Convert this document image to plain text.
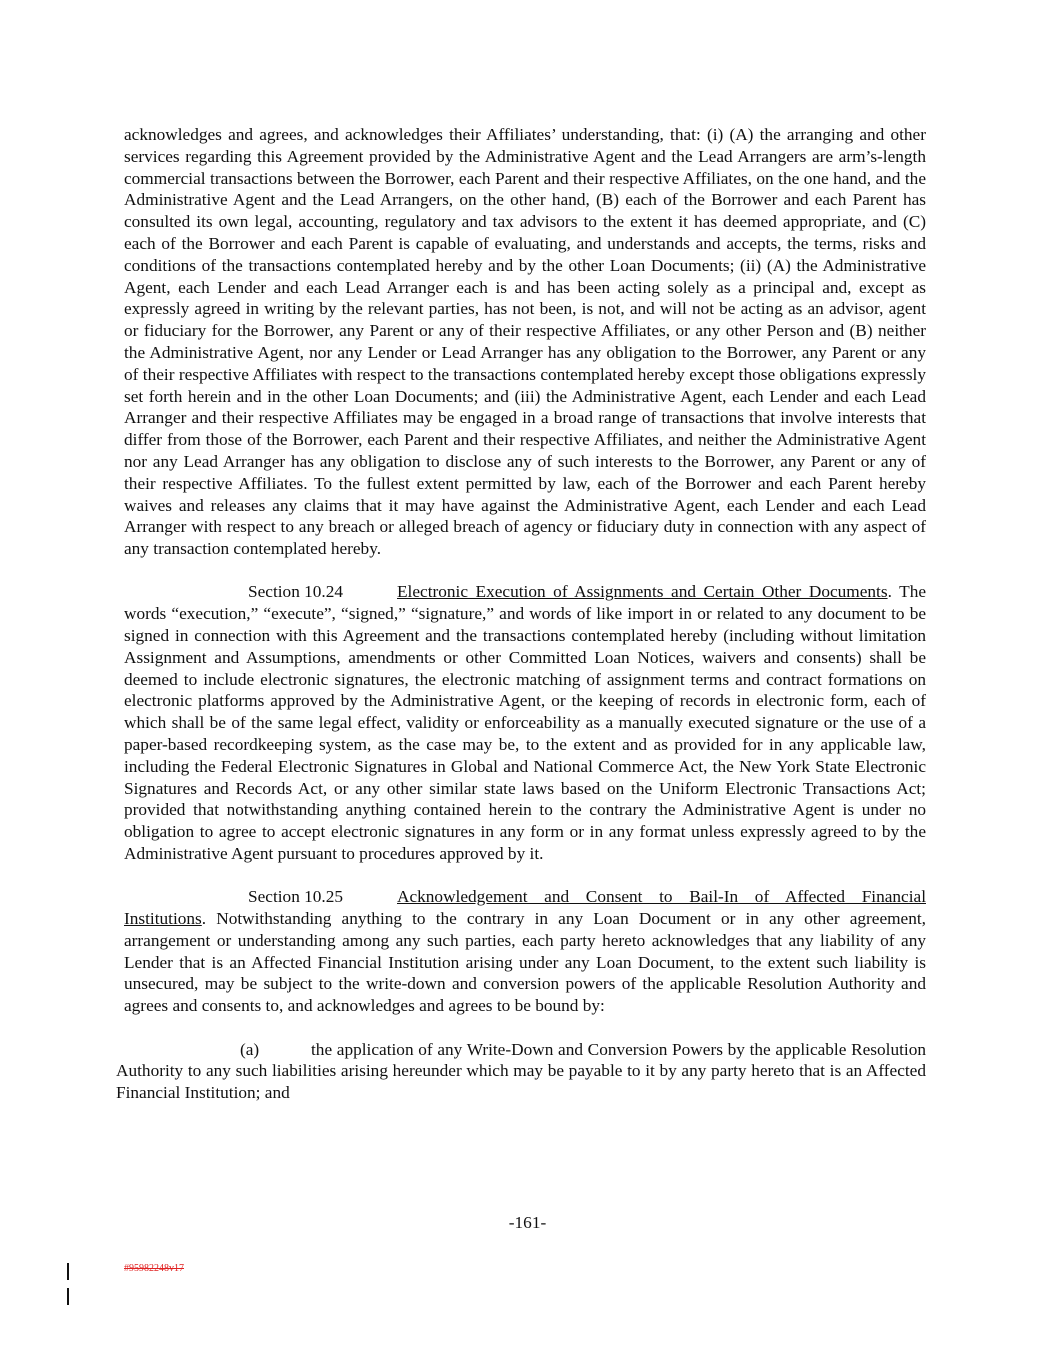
acknowledges and agrees, and acknowledges their Affiliates’ understanding, that: (i) (A) the arranging and other services regarding this Agreement provided by the Administrative Agent and the Lead Arrangers are arm’s-length commercial transactions between the Borrower, each Parent and their respective Affiliates, on the one hand, and the Administrative Agent and the Lead Arrangers, on the other hand, (B) each of the Borrower and each Parent has consulted its own legal, accounting, regulatory and tax advisors to the extent it has deemed appropriate, and (C) each of the Borrower and each Parent is capable of evaluating, and understands and accepts, the terms, risks and conditions of the transactions contemplated hereby and by the other Loan Documents; (ii) (A) the Administrative Agent, each Lender and each Lead Arranger each is and has been acting solely as a principal and, except as expressly agreed in writing by the relevant parties, has not been, is not, and will not be acting as an advisor, agent or fiduciary for the Borrower, any Parent or any of their respective Affiliates, or any other Person and (B) neither the Administrative Agent, nor any Lender or Lead Arranger has any obligation to the Borrower, any Parent or any of their respective Affiliates with respect to the transactions contemplated hereby except those obligations expressly set forth herein and in the other Loan Documents; and (iii) the Administrative Agent, each Lender and each Lead Arranger and their respective Affiliates may be engaged in a broad range of transactions that involve interests that differ from those of the Borrower, each Parent and their respective Affiliates, and neither the Administrative Agent nor any Lead Arranger has any obligation to disclose any of such interests to the Borrower, any Parent or any of their respective Affiliates. To the fullest extent permitted by law, each of the Borrower and each Parent hereby waives and releases any claims that it may have against the Administrative Agent, each Lender and each Lead Arranger with respect to any breach or alleged breach of agency or fiduciary duty in connection with any aspect of any transaction contemplated hereby.

Section 10.24	Electronic Execution of Assignments and Certain Other Documents. The words “execution,” “execute”, “signed,” “signature,” and words of like import in or related to any document to be signed in connection with this Agreement and the transactions contemplated hereby (including without limitation Assignment and Assumptions, amendments or other Committed Loan Notices, waivers and consents) shall be deemed to include electronic signatures, the electronic matching of assignment terms and contract formations on electronic platforms approved by the Administrative Agent, or the keeping of records in electronic form, each of which shall be of the same legal effect, validity or enforceability as a manually executed signature or the use of a paper-based recordkeeping system, as the case may be, to the extent and as provided for in any applicable law, including the Federal Electronic Signatures in Global and National Commerce Act, the New York State Electronic Signatures and Records Act, or any other similar state laws based on the Uniform Electronic Transactions Act; provided that notwithstanding anything contained herein to the contrary the Administrative Agent is under no obligation to agree to accept electronic signatures in any form or in any format unless expressly agreed to by the Administrative Agent pursuant to procedures approved by it.

Section 10.25	Acknowledgement and Consent to Bail-In of Affected Financial Institutions. Notwithstanding anything to the contrary in any Loan Document or in any other agreement, arrangement or understanding among any such parties, each party hereto acknowledges that any liability of any Lender that is an Affected Financial Institution arising under any Loan Document, to the extent such liability is unsecured, may be subject to the write-down and conversion powers of the applicable Resolution Authority and agrees and consents to, and acknowledges and agrees to be bound by:

(a)	the application of any Write-Down and Conversion Powers by the applicable Resolution Authority to any such liabilities arising hereunder which may be payable to it by any party hereto that is an Affected Financial Institution; and

-161-
#95982248v17
